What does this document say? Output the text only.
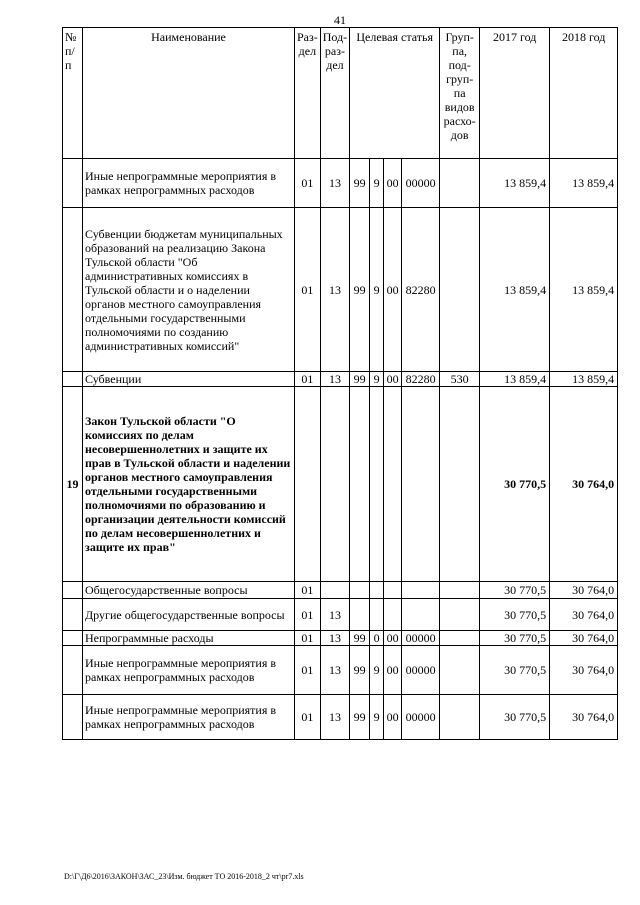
41
№ п/ п	Наименование	Раз- дел	Под- раз- дел	Целевая статья				Груп- па, под- груп- па видов расхо- дов	2017 год	2018 год
	Иные непрограммные мероприятия в рамках непрограммных расходов	01	13	99	9	00	00000		13 859,4	13 859,4
	Субвенции бюджетам муниципальных образований на реализацию Закона Тульской области "Об административных комиссиях в Тульской области и о наделении органов местного самоуправления отдельными государственными полномочиями по созданию административных комиссий"	01	13	99	9	00	82280		13 859,4	13 859,4
	Субвенции	01	13	99	9	00	82280	530	13 859,4	13 859,4
19	Закон Тульской области "О комиссиях по делам несовершеннолетних и защите их прав в Тульской области и наделении органов местного самоуправления отдельными государственными полномочиями по образованию и организации деятельности комиссий по делам несовершеннолетних и защите их прав"								30 770,5	30 764,0
	Общегосударственные вопросы	01							30 770,5	30 764,0
	Другие общегосударственные вопросы	01	13						30 770,5	30 764,0
	Непрограммные расходы	01	13	99	0	00	00000		30 770,5	30 764,0
	Иные непрограммные мероприятия в рамках непрограммных расходов	01	13	99	9	00	00000		30 770,5	30 764,0
	Иные непрограммные мероприятия в рамках непрограммных расходов	01	13	99	9	00	00000		30 770,5	30 764,0
D:\Г\Д6\2016\ЗАКОН\ЗАС_23\Изм. бюджет ТО 2016-2018_2 чт\pr7.xls
